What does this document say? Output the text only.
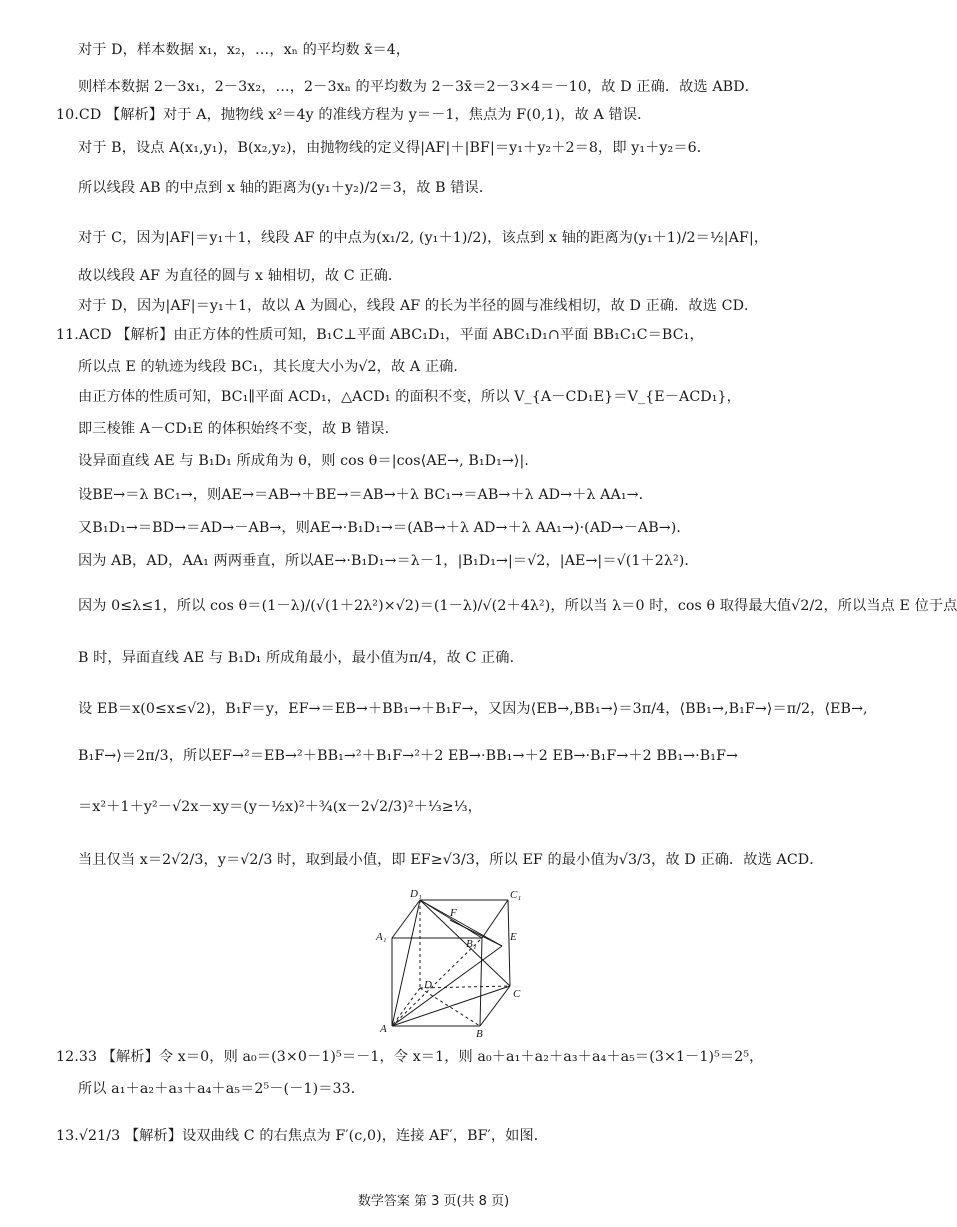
对于 D，样本数据 x₁，x₂，…，xₙ 的平均数 x̄＝4，
则样本数据 2－3x₁，2－3x₂，…，2－3xₙ 的平均数为 2－3x̄＝2－3×4＝－10，故 D 正确．故选 ABD．
10.CD 【解析】对于 A，抛物线 x²＝4y 的准线方程为 y＝－1，焦点为 F(0,1)，故 A 错误．
对于 B，设点 A(x₁,y₁)，B(x₂,y₂)，由抛物线的定义得|AF|＋|BF|＝y₁＋y₂＋2＝8，即 y₁＋y₂＝6．
所以线段 AB 的中点到 x 轴的距离为(y₁＋y₂)/2＝3，故 B 错误．
对于 C，因为|AF|＝y₁＋1，线段 AF 的中点为(x₁/2, (y₁＋1)/2)，该点到 x 轴的距离为(y₁＋1)/2＝½|AF|，
故以线段 AF 为直径的圆与 x 轴相切，故 C 正确．
对于 D，因为|AF|＝y₁＋1，故以 A 为圆心，线段 AF 的长为半径的圆与准线相切，故 D 正确．故选 CD．
11.ACD 【解析】由正方体的性质可知，B₁C⊥平面 ABC₁D₁，平面 ABC₁D₁∩平面 BB₁C₁C＝BC₁，
所以点 E 的轨迹为线段 BC₁，其长度大小为√2，故 A 正确．
由正方体的性质可知，BC₁∥平面 ACD₁，△ACD₁ 的面积不变，所以 V_{A－CD₁E}＝V_{E－ACD₁}，
即三棱锥 A－CD₁E 的体积始终不变，故 B 错误．
设异面直线 AE 与 B₁D₁ 所成角为 θ，则 cos θ＝|cos⟨AE→, B₁D₁→⟩|．
设BE→＝λ BC₁→，则AE→＝AB→＋BE→＝AB→＋λ BC₁→＝AB→＋λ AD→＋λ AA₁→．
又B₁D₁→＝BD→＝AD→－AB→，则AE→·B₁D₁→＝(AB→＋λ AD→＋λ AA₁→)·(AD→－AB→)．
因为 AB，AD，AA₁ 两两垂直，所以AE→·B₁D₁→＝λ－1，|B₁D₁→|＝√2，|AE→|＝√(1＋2λ²)．
因为 0≤λ≤1，所以 cos θ＝(1－λ)/(√(1＋2λ²)×√2)＝(1－λ)/√(2＋4λ²)，所以当 λ＝0 时，cos θ 取得最大值√2/2，所以当点 E 位于点
B 时，异面直线 AE 与 B₁D₁ 所成角最小，最小值为π/4，故 C 正确．
设 EB＝x(0≤x≤√2)，B₁F＝y，EF→＝EB→＋BB₁→＋B₁F→，又因为⟨EB→,BB₁→⟩＝3π/4，⟨BB₁→,B₁F→⟩＝π/2，⟨EB→,
B₁F→⟩＝2π/3，所以EF→²＝EB→²＋BB₁→²＋B₁F→²＋2 EB→·BB₁→＋2 EB→·B₁F→＋2 BB₁→·B₁F→
＝x²＋1＋y²－√2x－xy＝(y－½x)²＋¾(x－2√2/3)²＋⅓≥⅓，
当且仅当 x＝2√2/3，y＝√2/3 时，取到最小值，即 EF≥√3/3，所以 EF 的最小值为√3/3，故 D 正确．故选 ACD．
D₁	C₁
F
A₁
B₁
E
D
C
A	B
12.33 【解析】令 x＝0，则 a₀＝(3×0－1)⁵＝－1，令 x＝1，则 a₀＋a₁＋a₂＋a₃＋a₄＋a₅＝(3×1－1)⁵＝2⁵，
所以 a₁＋a₂＋a₃＋a₄＋a₅＝2⁵－(－1)＝33．
13.√21/3 【解析】设双曲线 C 的右焦点为 F′(c,0)，连接 AF′，BF′，如图．
数学答案 第 3 页(共 8 页)
